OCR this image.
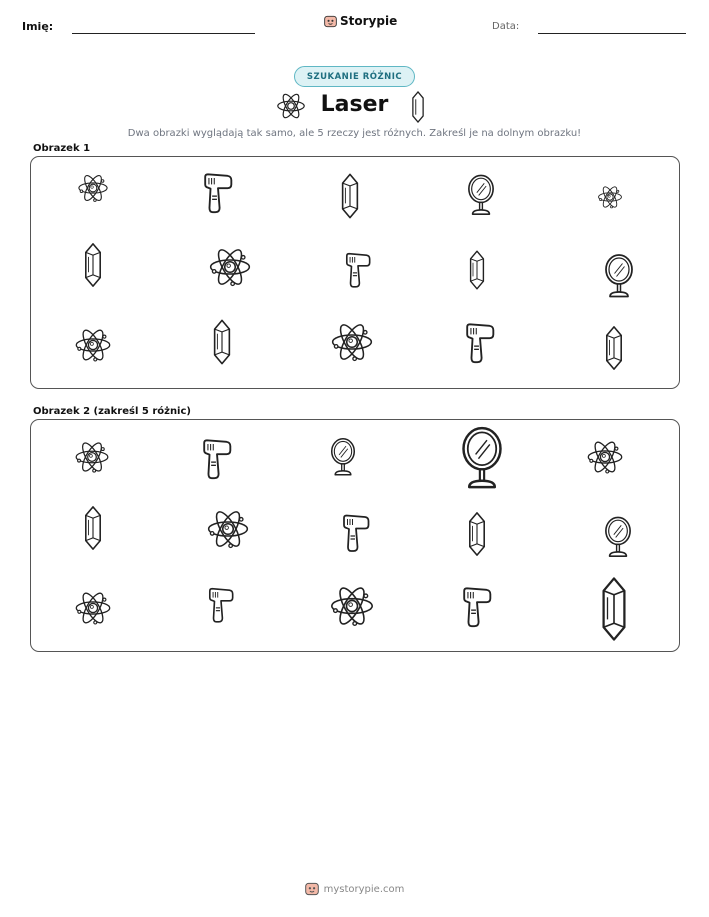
Imię:	Storypie	Data:
SZUKANIE RÓŻNIC
Laser
Dwa obrazki wyglądają tak samo, ale 5 rzeczy jest różnych. Zakreśl je na dolnym obrazku!
Obrazek 1
Obrazek 2 (zakreśl 5 różnic)
mystorypie.com
